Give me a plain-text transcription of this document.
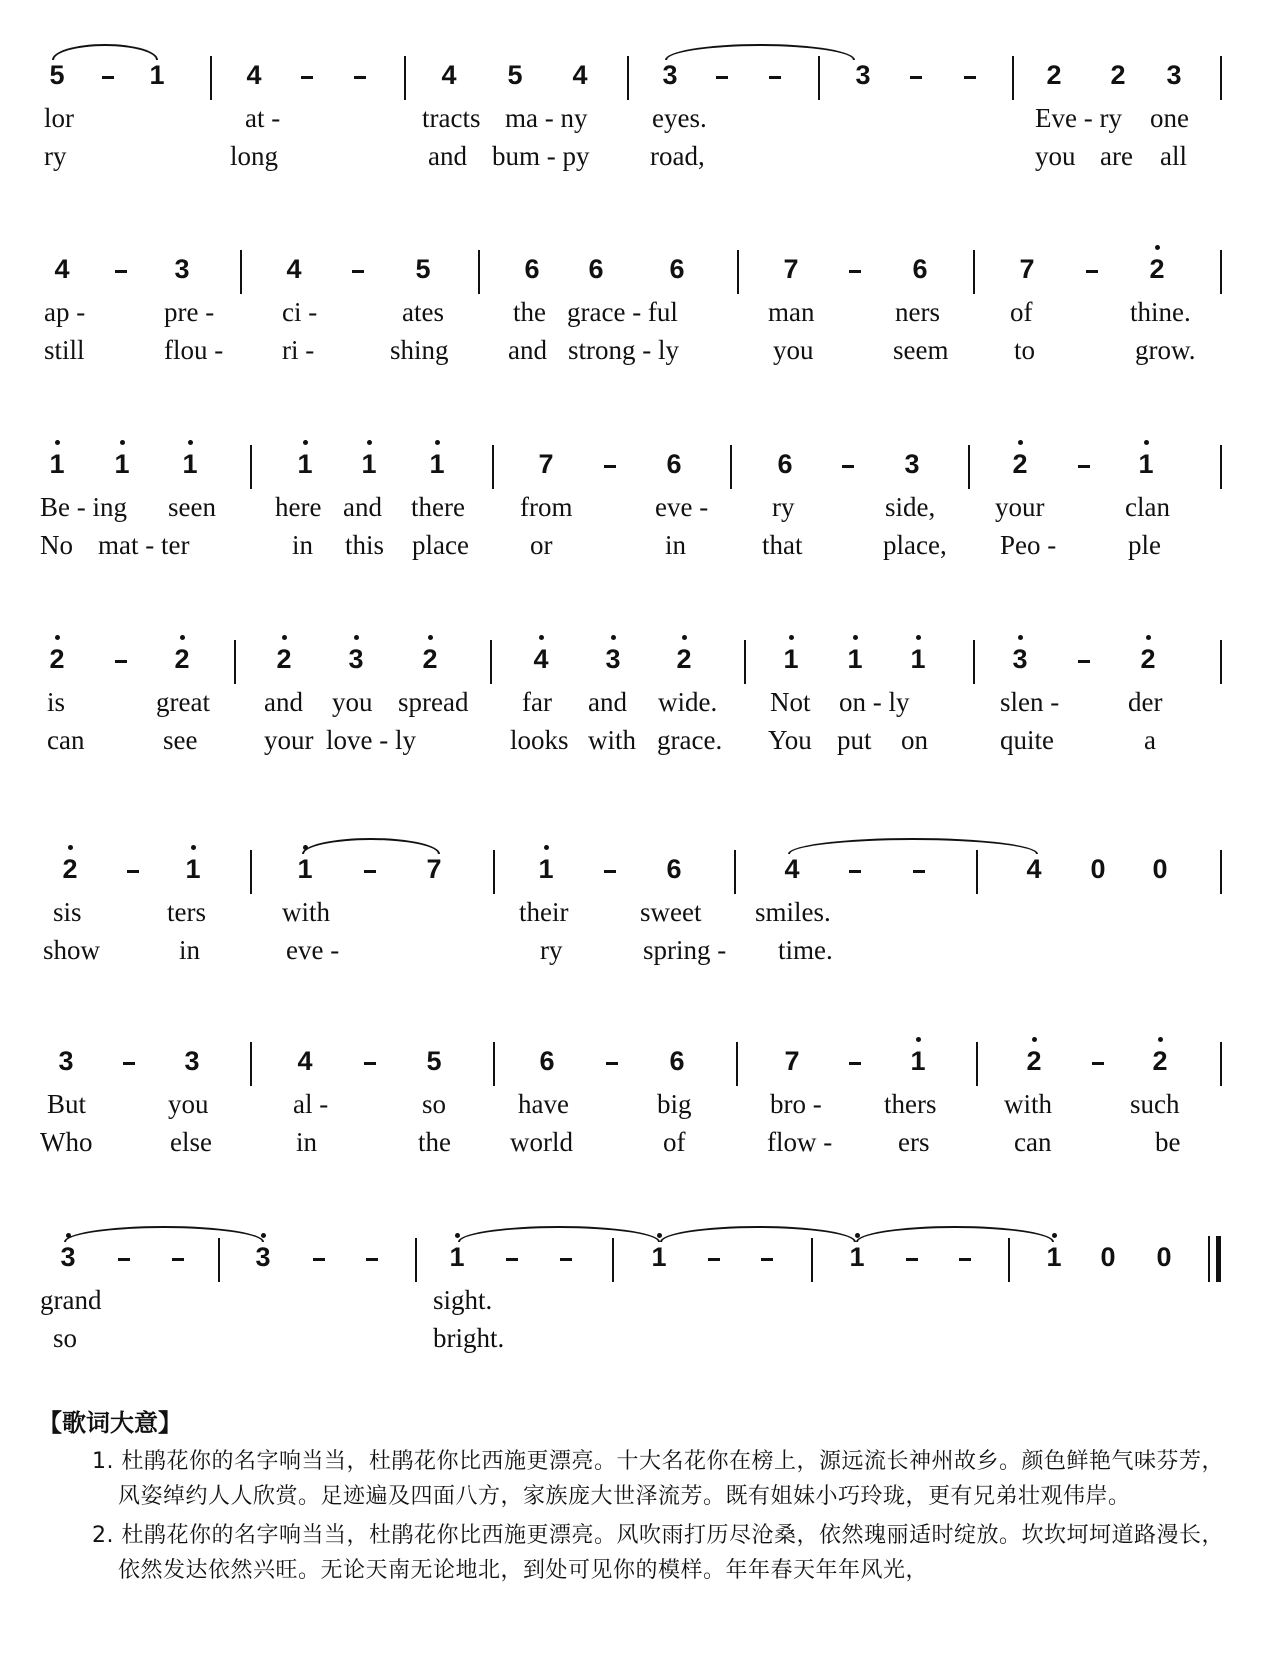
5	1	4	4	5	4	3	3	2	2	3
lor	at -	tracts ma - ny eyes.	Eve - ry one
ry	long	and bum - py road,	you are all
4	3	4	5	6	6	6	7	6	7	2
ap -	pre -	ci -	ates	the grace - ful	man	ners	of	thine.
still	flou - ri -	shing and strong - ly	you	seem to	grow.
1	1	1	1	1	1	7	6	6	3	2	1
Be - ing seen here and there from	eve - ry	side, your	clan
No mat - ter	in this place or	in	that	place, Peo -	ple
2	2	2	3	2	4	3	2	1	1	1	3	2
is	great and you spread far and wide. Not on - ly	slen -	der
can	see your love - ly	looks with grace. You put on	quite	a
2	1	1	7	1	6	4	4	0	0
sis	ters	with	their	sweet smiles.
show	in	eve -	ry	spring - time.
3	3	4	5	6	6	7	1	2	2
But	you	al -	so	have	big	bro - thers	with	such
Who	else	in	the world	of	flow - ers	can	be
3	3	1	1	1	1	0	0
grand	sight.
so	bright.
【歌词大意】
1. 杜鹃花你的名字响当当，杜鹃花你比西施更漂亮。十大名花你在榜上，源远流长神州故乡。颜色鲜艳气味芬芳，风姿绰约人人欣赏。足迹遍及四面八方，家族庞大世泽流芳。既有姐妹小巧玲珑，更有兄弟壮观伟岸。
2. 杜鹃花你的名字响当当，杜鹃花你比西施更漂亮。风吹雨打历尽沧桑，依然瑰丽适时绽放。坎坎坷坷道路漫长，依然发达依然兴旺。无论天南无论地北，到处可见你的模样。年年春天年年风光，
